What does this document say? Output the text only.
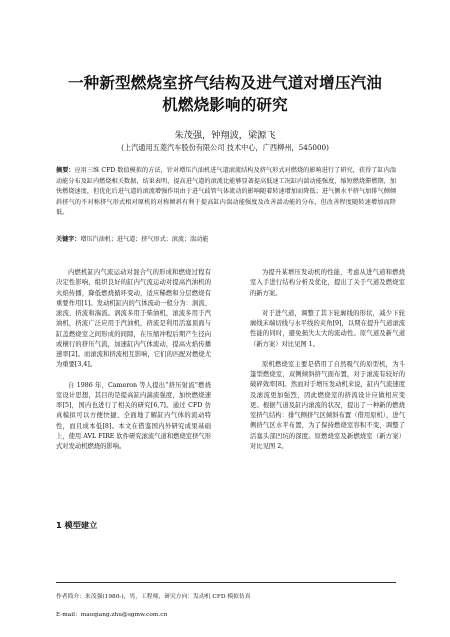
一种新型燃烧室挤气结构及进气道对增压汽油
机燃烧影响的研究
朱茂强，钟翔波，梁源飞
(上汽通用五菱汽车股份有限公司 技术中心，广西柳州，545000)
摘要：应用三维 CFD 数值模拟的方法，针对增压汽油机进气道滚流结构及挤气形式对燃烧的影响进行了研究，获得了缸内湍动能分布及缸内燃烧相关数据，结果表明，提高进气道的滚流比能够显著提高低速工况缸内湍动能强度，缩短燃烧滞燃期，加快燃烧速度，但优化后进气道的滚流增强作用由于进气歧管气体流动的影响随着转速增加而降低；进气侧水平挤气加排气侧倾斜挤气的不对称挤气形式相对原机的对称倾斜有利于提高缸内湍动能强度及改善湍动能的分布，但改善程度随转速增加而降低。
关键字：增压汽油机；进气道；挤气形式；滚流；湍动能

内燃机缸内气流运动对混合气的形成和燃烧过程有决定性影响，组织良好的缸内气流运动对提高汽油机的火焰传播，降低燃烧循环变动，适应稀燃和分层燃烧有重要作用[1]。发动机缸内的气体流动一般分为：涡流、滚流、挤流和湍流。涡流多用于柴油机，滚流多用于汽油机，挤流广泛应用于汽油机，挤流是利用活塞顶面与缸盖燃烧室之间形成的间隙，在压缩冲程后期产生径向或横行的挤压气流，加速缸内气体流动，提高火焰传播速率[2]。而滚流和挤流相互影响，它们的匹配对燃烧尤为重要[3,4]。

自 1986 年，Cameron 等人提出“挤压射流”燃烧室设计思想，其目的是提高缸内湍流强度，加快燃烧速率[5]，国内也进行了相关的研究[6,7]。通过 CFD 仿真模拟可以方便快捷、全面地了解缸内气体的流动特性，而且成本低[8]。本文在借鉴国内外研究成果基础上，使用 AVL FIRE 软件研究滚流气道和燃烧室挤气形式对发动机燃烧的影响。

为提升某增压发动机的性能，考虑从进气道和燃烧室入手进行结构分析及优化，提出了关于气道及燃烧室的新方案。

对于进气道，调整了其下轮廓线的形状，减少下轮廓线末端切线与水平线的夹角[9]，以期在提升气道滚流性能的同时，避免损失太大的流动性。原气道及新气道（新方案）对比见图 1。

原机燃烧室主要是借用了自然吸气的原型机，为斗篷型燃烧室，双侧倾斜挤气面布置，对于滚流有较好的破碎效率[8]。然而对于增压发动机来说，缸内气流速度及滚流更加强烈，因此燃烧室的挤流设计应做相应变更。根据气道及缸内滚流的状况，提出了一种新的燃烧室挤气结构：排气侧挤气区倾斜布置（借用原机），进气侧挤气区水平布置，为了保持燃烧室容积不变，调整了活塞头部凹坑的深度。原燃烧室及新燃烧室（新方案）对比见图 2。

1 模型建立
作者简介：朱茂强(1980-)，男，工程师，研究方向：发动机 CFD 模拟仿真
E-mail：maoqiang.zhu@sgmw.com.cn
